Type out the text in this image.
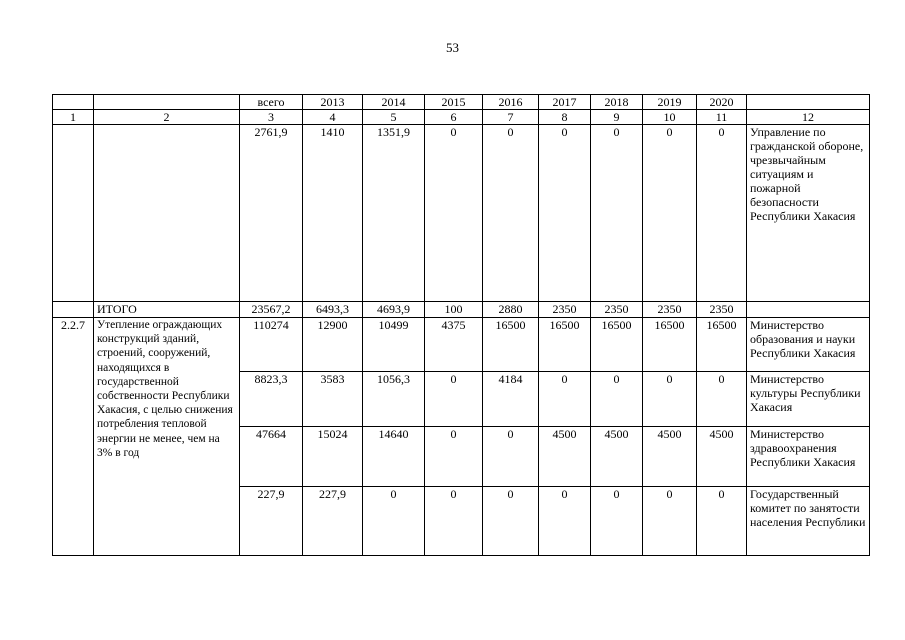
53
		всего	2013	2014	2015	2016	2017	2018	2019	2020	
1	2	3	4	5	6	7	8	9	10	11	12
		2761,9	1410	1351,9	0	0	0	0	0	0	Управление по гражданской обороне, чрезвычайным ситуациям и пожарной безопасности Республики Хакасия
	ИТОГО	23567,2	6493,3	4693,9	100	2880	2350	2350	2350	2350	
2.2.7	Утепление ограждающих конструкций зданий, строений, сооружений, находящихся в государственной собственности Республики Хакасия, с целью снижения потребления тепловой энергии не менее, чем на 3% в год	110274	12900	10499	4375	16500	16500	16500	16500	16500	Министерство образования и науки Республики Хакасия
		8823,3	3583	1056,3	0	4184	0	0	0	0	Министерство культуры Республики Хакасия
		47664	15024	14640	0	0	4500	4500	4500	4500	Министерство здравоохранения Республики Хакасия
		227,9	227,9	0	0	0	0	0	0	0	Государственный комитет по занятости населения Республики
